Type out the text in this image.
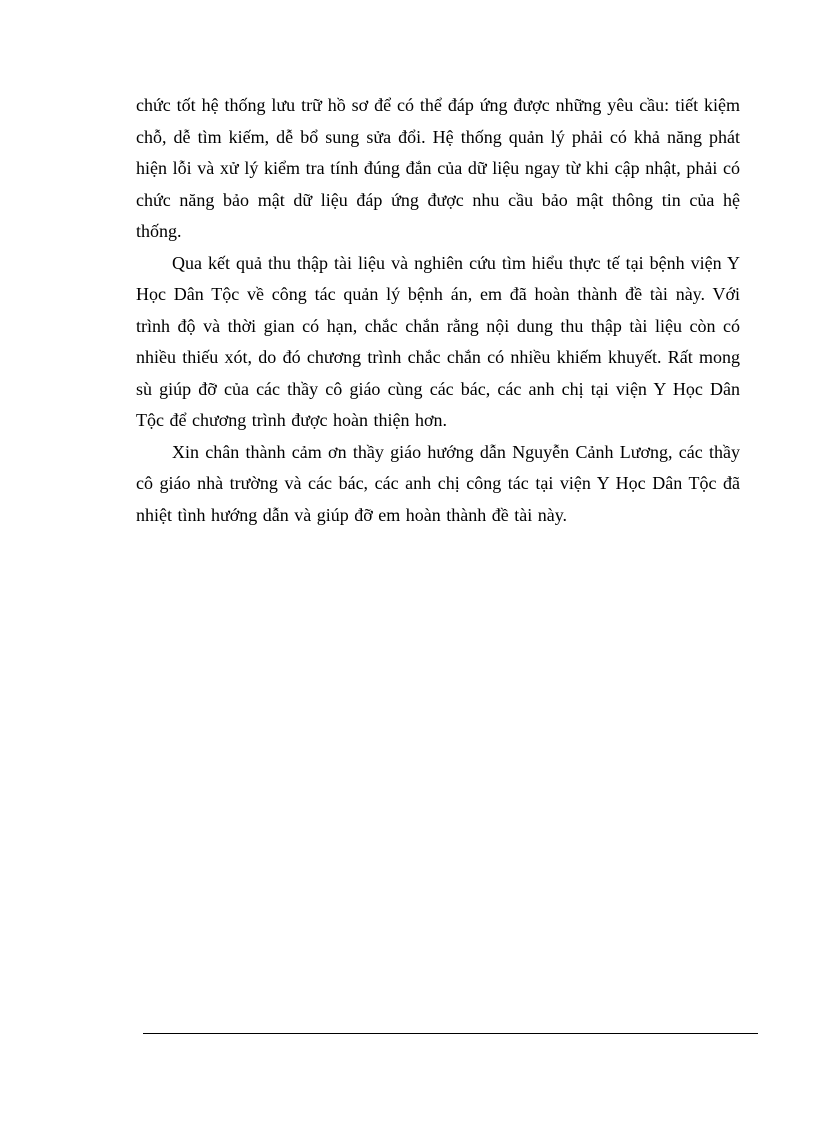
chức tốt hệ thống lưu trữ hồ sơ để có thể đáp ứng được những yêu cầu: tiết kiệm chỗ, dễ tìm kiếm, dễ bổ sung sửa đổi. Hệ thống quản lý phải có khả năng phát hiện lỗi và xử lý kiểm tra tính đúng đắn của dữ liệu ngay từ khi cập nhật, phải có chức năng bảo mật dữ liệu đáp ứng được nhu cầu bảo mật thông tin của hệ thống.

Qua kết quả thu thập tài liệu và nghiên cứu tìm hiểu thực tế tại bệnh viện Y Học Dân Tộc về công tác quản lý bệnh án, em đã hoàn thành đề tài này. Với trình độ và thời gian có hạn, chắc chắn rằng nội dung thu thập tài liệu còn có nhiều thiếu xót, do đó chương trình chắc chắn có nhiều khiếm khuyết. Rất mong sù giúp đỡ của các thầy cô giáo cùng các bác, các anh chị tại viện Y Học Dân Tộc để chương trình được hoàn thiện hơn.

Xin chân thành cảm ơn thầy giáo hướng dẫn Nguyễn Cảnh Lương, các thầy cô giáo nhà trường và các bác, các anh chị công tác tại viện Y Học Dân Tộc đã nhiệt tình hướng dẫn và giúp đỡ em hoàn thành đề tài này.
